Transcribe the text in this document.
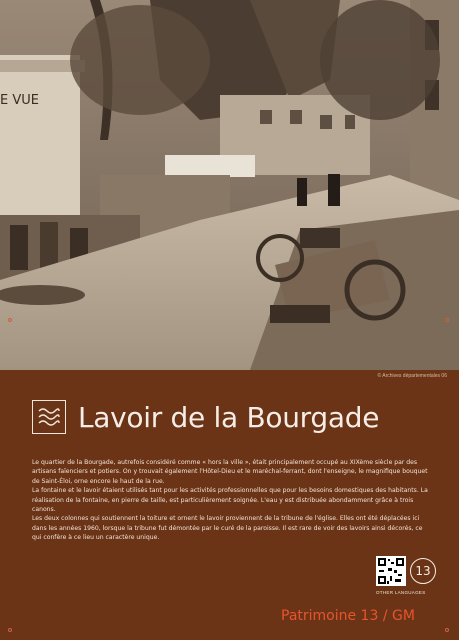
E VUE
© Archives départementales 06
Lavoir de la Bourgade

Le quartier de la Bourgade, autrefois considéré comme « hors la ville », était principalement occupé au XIXème siècle par des artisans faïenciers et potiers. On y trouvait également l'Hôtel-Dieu et le maréchal-ferrant, dont l'enseigne, le magnifique bouquet de Saint-Éloi, orne encore le haut de la rue.

La fontaine et le lavoir étaient utilisés tant pour les activités professionnelles que pour les besoins domestiques des habitants. La réalisation de la fontaine, en pierre de taille, est particulièrement soignée. L'eau y est distribuée abondamment grâce à trois canons.

Les deux colonnes qui soutiennent la toiture et ornent le lavoir proviennent de la tribune de l'église. Elles ont été déplacées ici dans les années 1960, lorsque la tribune fut démontée par le curé de la paroisse. Il est rare de voir des lavoirs ainsi décorés, ce qui confère à ce lieu un caractère unique.

13
OTHER LANGUAGES
Patrimoine 13 / GM
